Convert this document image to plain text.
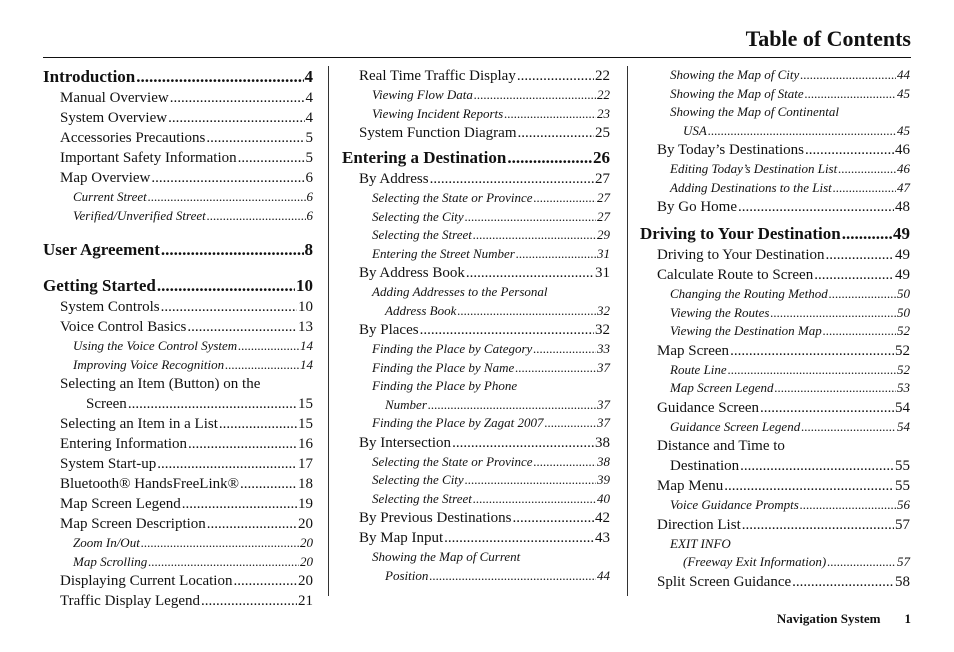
Table of Contents
Introduction .....	4
Manual Overview .....	4
System Overview .....	4
Accessories Precautions .....	5
Important Safety Information .....	5
Map Overview .....	6
Current Street .....	6
Verified/Unverified Street .....	6
User Agreement .....	8
Getting Started .....	10
System Controls .....	10
Voice Control Basics .....	13
Using the Voice Control System .....	14
Improving Voice Recognition .....	14
Selecting an Item (Button) on the
Screen .....	15
Selecting an Item in a List .....	15
Entering Information .....	16
System Start-up .....	17
Bluetooth® HandsFreeLink® .....	18
Map Screen Legend .....	19
Map Screen Description .....	20
Zoom In/Out .....	20
Map Scrolling .....	20
Displaying Current Location .....	20
Traffic Display Legend .....	21
Real Time Traffic Display .....	22
Viewing Flow Data .....	22
Viewing Incident Reports .....	23
System Function Diagram .....	25
Entering a Destination .....	26
By Address .....	27
Selecting the State or Province .....	27
Selecting the City .....	27
Selecting the Street .....	29
Entering the Street Number .....	31
By Address Book .....	31
Adding Addresses to the Personal
Address Book .....	32
By Places .....	32
Finding the Place by Category .....	33
Finding the Place by Name .....	37
Finding the Place by Phone
Number .....	37
Finding the Place by Zagat 2007 .....	37
By Intersection .....	38
Selecting the State or Province .....	38
Selecting the City .....	39
Selecting the Street .....	40
By Previous Destinations .....	42
By Map Input .....	43
Showing the Map of Current
Position .....	44
Showing the Map of City .....	44
Showing the Map of State .....	45
Showing the Map of Continental
USA .....	45
By Today’s Destinations .....	46
Editing Today’s Destination List .....	46
Adding Destinations to the List .....	47
By Go Home .....	48
Driving to Your Destination .....	49
Driving to Your Destination .....	49
Calculate Route to Screen .....	49
Changing the Routing Method .....	50
Viewing the Routes .....	50
Viewing the Destination Map .....	52
Map Screen .....	52
Route Line .....	52
Map Screen Legend .....	53
Guidance Screen .....	54
Guidance Screen Legend .....	54
Distance and Time to
Destination .....	55
Map Menu .....	55
Voice Guidance Prompts .....	56
Direction List .....	57
EXIT INFO
(Freeway Exit Information) .....	57
Split Screen Guidance .....	58
Navigation System 1
